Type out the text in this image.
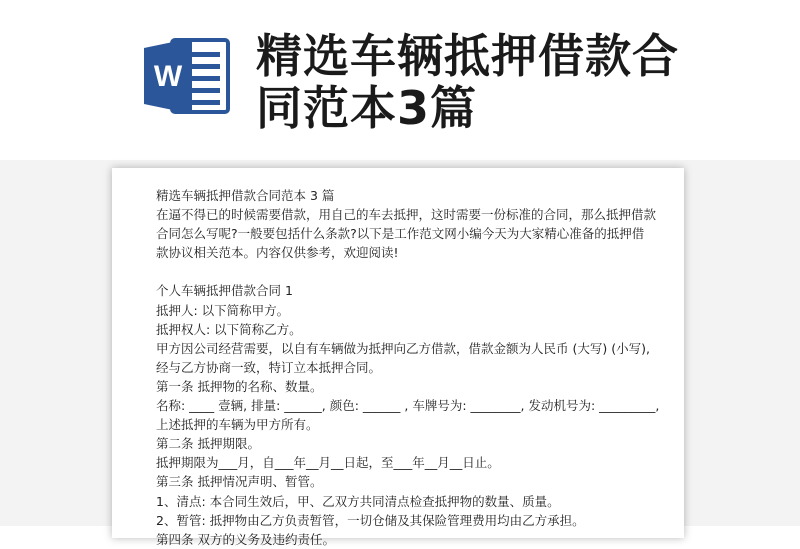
W 精选车辆抵押借款合
同范本3篇
精选车辆抵押借款合同范本 3 篇
在逼不得已的时候需要借款，用自己的车去抵押，这时需要一份标准的合同，那么抵押借款
合同怎么写呢?一般要包括什么条款?以下是工作范文网小编今天为大家精心准备的抵押借
款协议相关范本。内容仅供参考，欢迎阅读!
个人车辆抵押借款合同 1
抵押人: 以下简称甲方。
抵押权人: 以下简称乙方。
甲方因公司经营需要，以自有车辆做为抵押向乙方借款，借款金额为人民币 (大写) (小写),
经与乙方协商一致，特订立本抵押合同。
第一条 抵押物的名称、数量。
名称: ____ 壹辆, 排量: ______, 颜色: ______ , 车牌号为: ________, 发动机号为: _________,
上述抵押的车辆为甲方所有。
第二条 抵押期限。
抵押期限为___月，自___年__月__日起，至___年__月__日止。
第三条 抵押情况声明、暂管。
1、清点: 本合同生效后，甲、乙双方共同清点检查抵押物的数量、质量。
2、暂管: 抵押物由乙方负责暂管，一切仓储及其保险管理费用均由乙方承担。
第四条 双方的义务及违约责任。
